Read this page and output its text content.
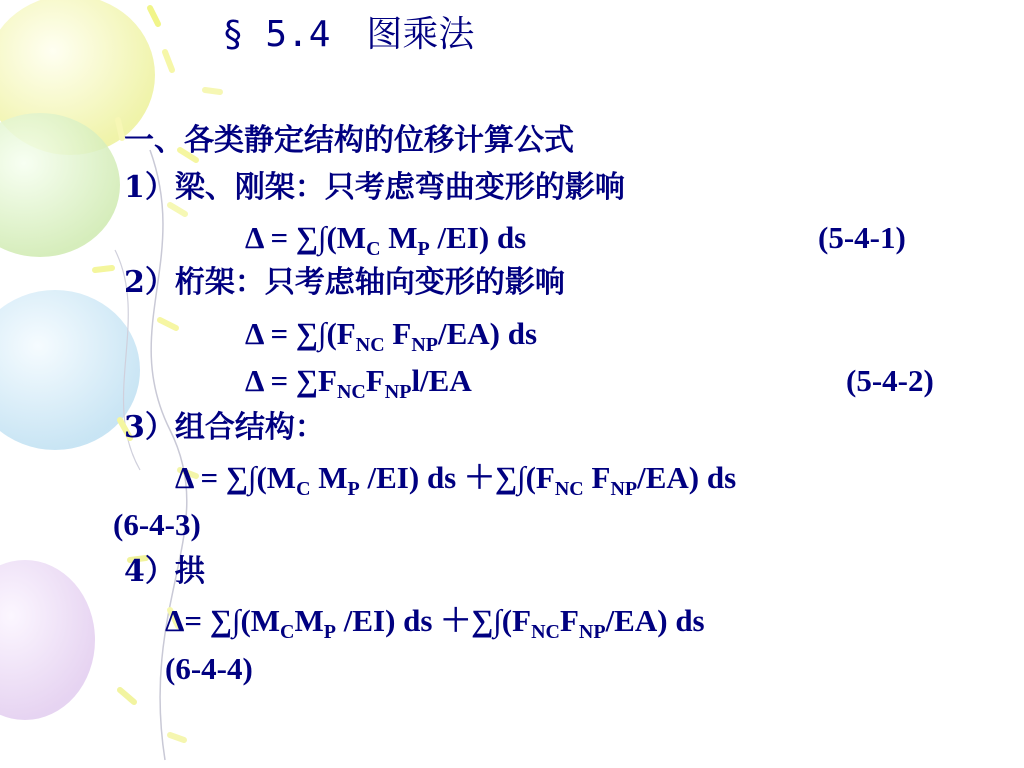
§ 5.4　图乘法
一、各类静定结构的位移计算公式
1）梁、刚架：只考虑弯曲变形的影响
$\Delta = \sum\int(M_C$ $M_P$ /EI) ds	(5-4-1)
2）桁架：只考虑轴向变形的影响
$\Delta = \sum\int(F_{NC}$ $F_{NP}/EA$) ds
$\Delta = \sum F_{NC}F_{NP}l/EA$	(5-4-2)
3）组合结构：
$\Delta = \sum\int(M_C$ $M_P$ /EI) ds $+\sum\int(F_{NC}$ $F_{NP}/EA$) ds
(6-4-3)
4）拱
$\Delta= \sum\int(M_CM_P$ /EI) ds $+\sum\int(F_{NC}F_{NP}/EA)$ ds
(6-4-4)
